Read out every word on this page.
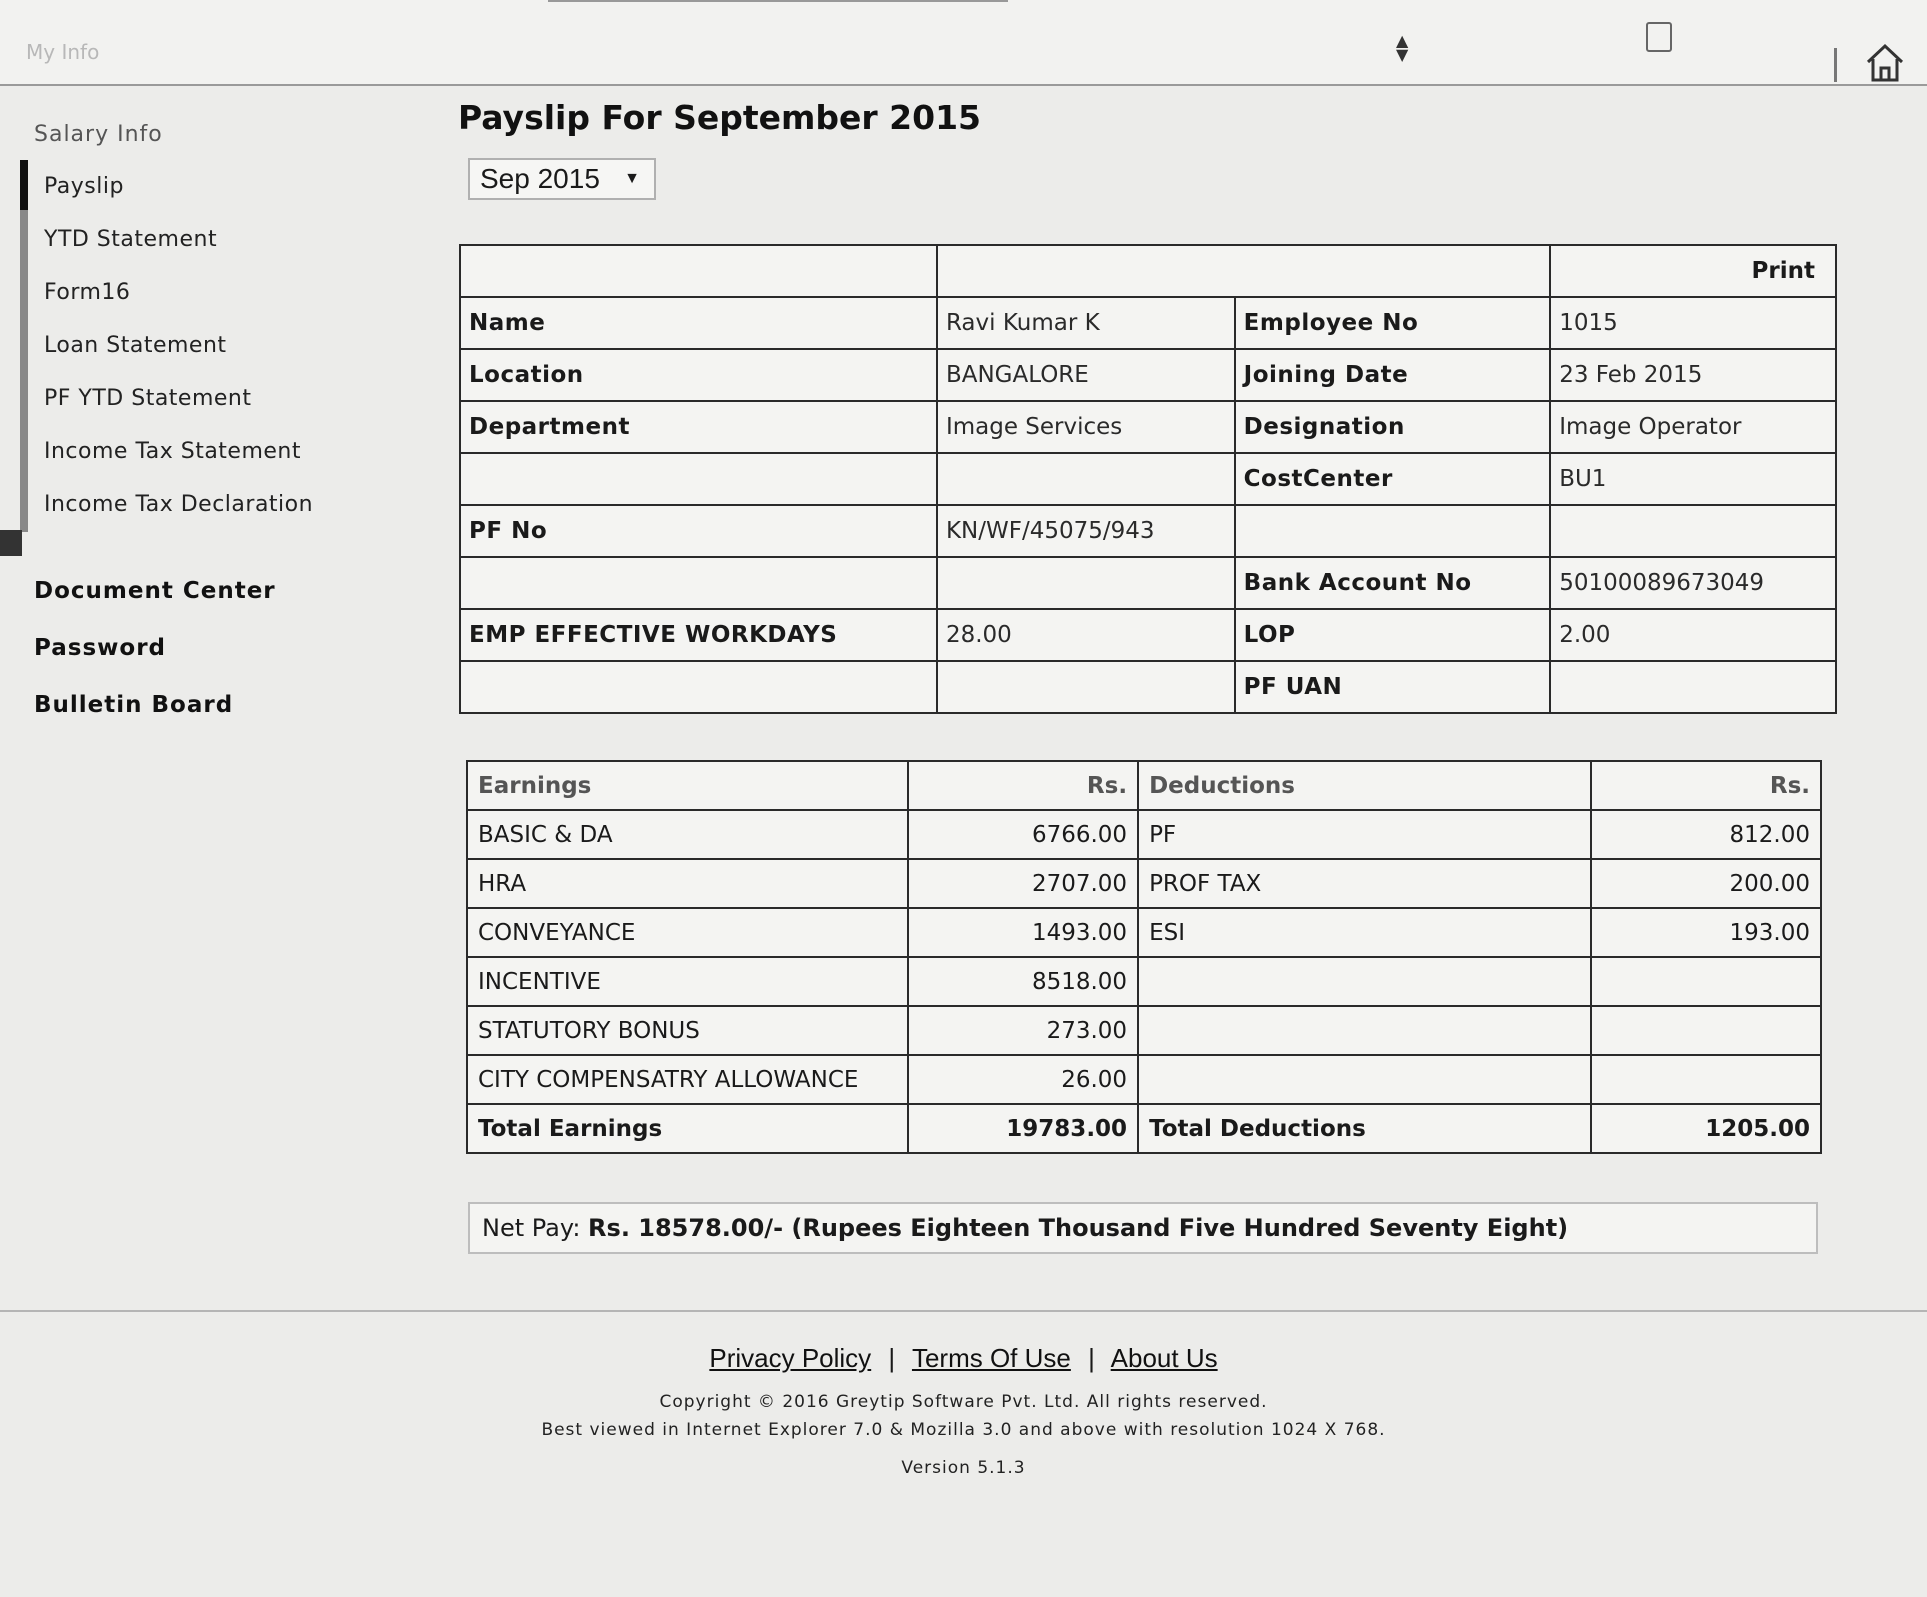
My Info	▲
▼
Salary Info
Payslip
YTD Statement
Form16
Loan Statement
PF YTD Statement
Income Tax Statement
Income Tax Declaration
Document Center
Password
Bulletin Board
Payslip For September 2015
Sep 2015 ▼
			Print
Name	Ravi Kumar K	Employee No	1015
Location	BANGALORE	Joining Date	23 Feb 2015
Department	Image Services	Designation	Image Operator
		CostCenter	BU1
PF No	KN/WF/45075/943		
		Bank Account No	50100089673049
EMP EFFECTIVE WORKDAYS	28.00	LOP	2.00
		PF UAN	
Earnings	Rs.	Deductions	Rs.
BASIC & DA	6766.00	PF	812.00
HRA	2707.00	PROF TAX	200.00
CONVEYANCE	1493.00	ESI	193.00
INCENTIVE	8518.00		
STATUTORY BONUS	273.00		
CITY COMPENSATRY ALLOWANCE	26.00		
Total Earnings	19783.00	Total Deductions	1205.00
Net Pay: Rs. 18578.00/- (Rupees Eighteen Thousand Five Hundred Seventy Eight)
Privacy Policy | Terms Of Use | About Us
Copyright © 2016 Greytip Software Pvt. Ltd. All rights reserved.
Best viewed in Internet Explorer 7.0 & Mozilla 3.0 and above with resolution 1024 X 768.
Version 5.1.3
